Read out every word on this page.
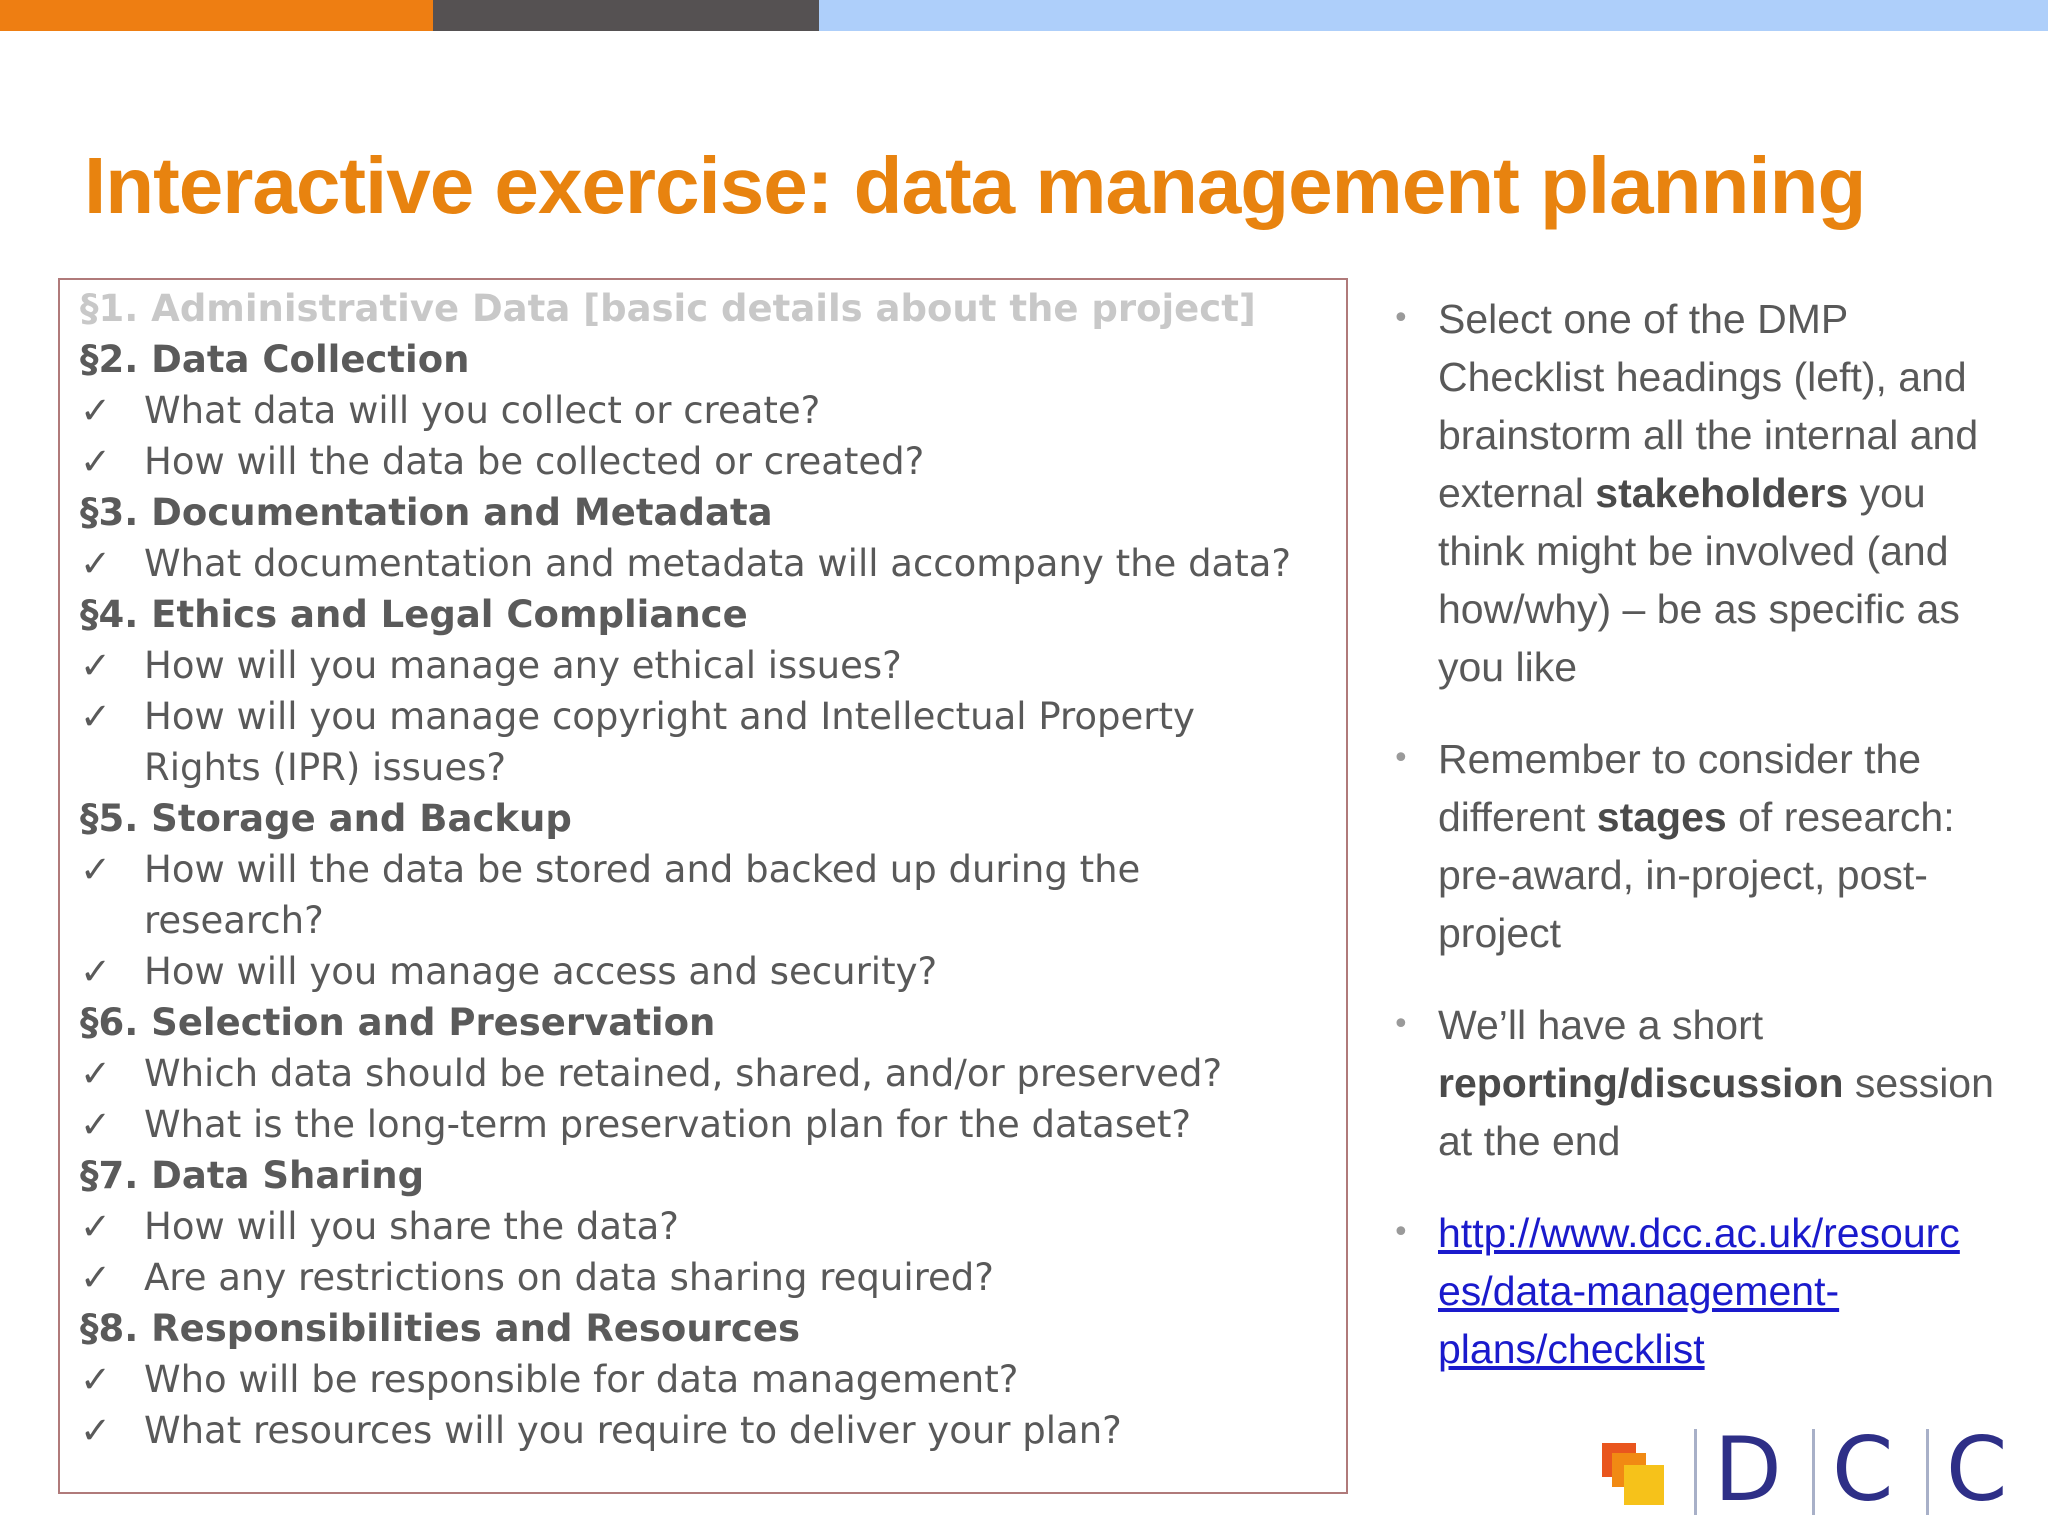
Interactive exercise: data management planning
§1. Administrative Data [basic details about the project]
§2. Data Collection
✓ What data will you collect or create?
✓ How will the data be collected or created?
§3. Documentation and Metadata
✓ What documentation and metadata will accompany the data?
§4. Ethics and Legal Compliance
✓ How will you manage any ethical issues?
✓ How will you manage copyright and Intellectual Property
Rights (IPR) issues?
§5. Storage and Backup
✓ How will the data be stored and backed up during the
research?
✓ How will you manage access and security?
§6. Selection and Preservation
✓ Which data should be retained, shared, and/or preserved?
✓ What is the long-term preservation plan for the dataset?
§7. Data Sharing
✓ How will you share the data?
✓ Are any restrictions on data sharing required?
§8. Responsibilities and Resources
✓ Who will be responsible for data management?
✓ What resources will you require to deliver your plan?
• Select one of the DMP
Checklist headings (left), and
brainstorm all the internal and
external stakeholders you
think might be involved (and
how/why) – be as specific as
you like
• Remember to consider the
different stages of research:
pre-award, in-project, post-
project
• We’ll have a short
reporting/discussion session
at the end
• http://www.dcc.ac.uk/resourc
es/data-management-
plans/checklist
D C C
